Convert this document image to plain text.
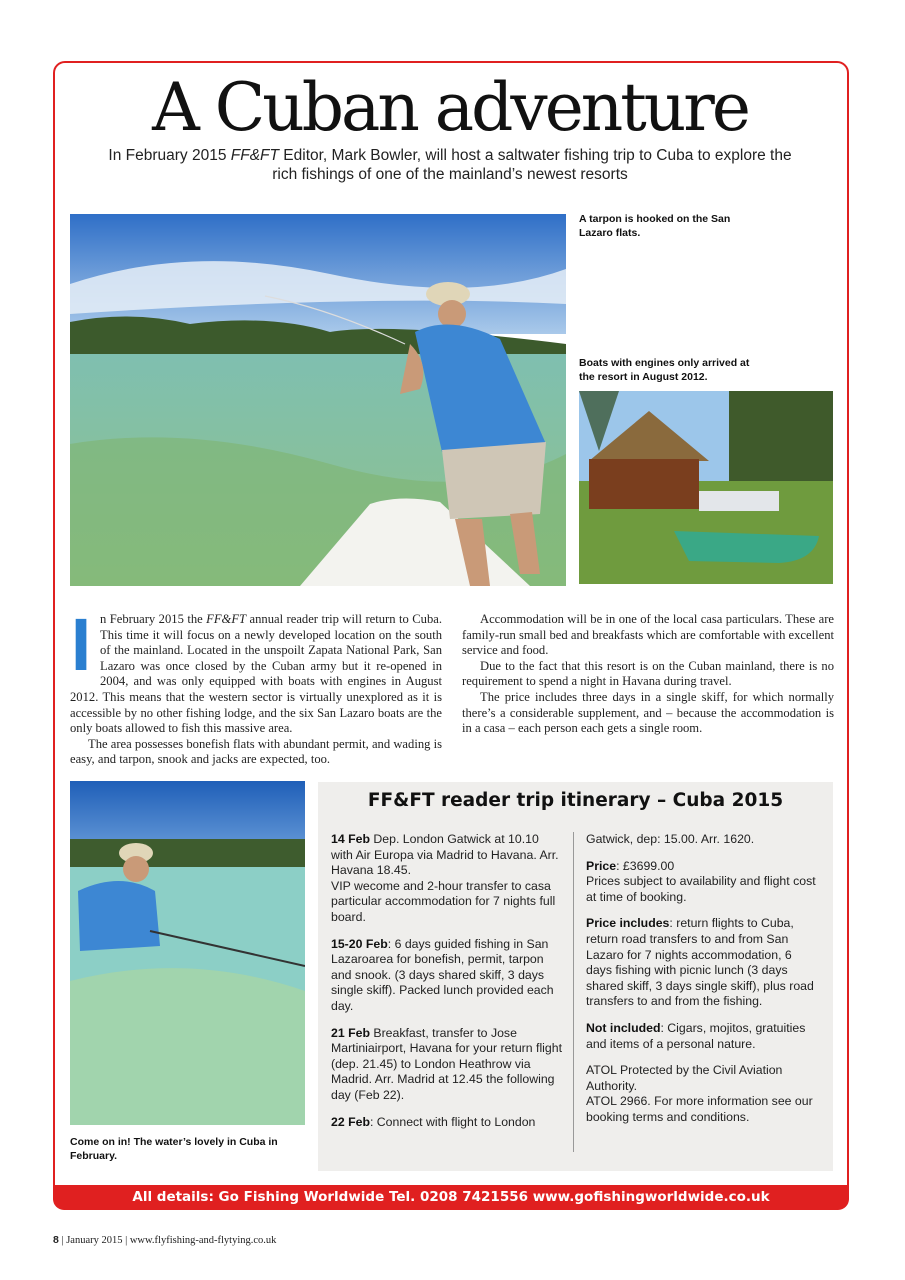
A Cuban adventure
In February 2015 FF&FT Editor, Mark Bowler, will host a saltwater fishing trip to Cuba to explore the rich fishings of one of the mainland’s newest resorts
A tarpon is hooked on the San Lazaro flats.
Boats with engines only arrived at the resort in August 2012.

In February 2015 the FF&FT annual reader trip will return to Cuba. This time it will focus on a newly developed location on the south of the mainland. Located in the unspoilt Zapata National Park, San Lazaro was once closed by the Cuban army but it re-opened in 2004, and was only equipped with boats with engines in August 2012. This means that the western sector is virtually unexplored as it is accessible by no other fishing lodge, and the six San Lazaro boats are the only boats allowed to fish this massive area.

The area possesses bonefish flats with abundant permit, and wading is easy, and tarpon, snook and jacks are expected, too.

Accommodation will be in one of the local casa particulars. These are family-run small bed and breakfasts which are comfortable with excellent service and food.

Due to the fact that this resort is on the Cuban mainland, there is no requirement to spend a night in Havana during travel.

The price includes three days in a single skiff, for which normally there’s a considerable supplement, and – because the accommodation is in a casa – each person each gets a single room.

Come on in! The water’s lovely in Cuba in February.
FF&FT reader trip itinerary – Cuba 2015

14 Feb Dep. London Gatwick at 10.10 with Air Europa via Madrid to Havana. Arr. Havana 18.45.
VIP wecome and 2-hour transfer to casa particular accommodation for 7 nights full board.

15-20 Feb: 6 days guided fishing in San Lazaroarea for bonefish, permit, tarpon and snook. (3 days shared skiff, 3 days single skiff). Packed lunch provided each day.

21 Feb Breakfast, transfer to Jose Martiniairport, Havana for your return flight (dep. 21.45) to London Heathrow via Madrid. Arr. Madrid at 12.45 the following day (Feb 22).

22 Feb: Connect with flight to London

Gatwick, dep: 15.00. Arr. 1620.

Price: £3699.00
Prices subject to availability and flight cost at time of booking.

Price includes: return flights to Cuba, return road transfers to and from San Lazaro for 7 nights accommodation, 6 days fishing with picnic lunch (3 days shared skiff, 3 days single skiff), plus road transfers to and from the fishing.

Not included: Cigars, mojitos, gratuities and items of a personal nature.

ATOL Protected by the Civil Aviation Authority.
ATOL 2966. For more information see our booking terms and conditions.

All details: Go Fishing Worldwide Tel. 0208 7421556 www.gofishingworldwide.co.uk
8 | January 2015 | www.flyfishing-and-flytying.co.uk
